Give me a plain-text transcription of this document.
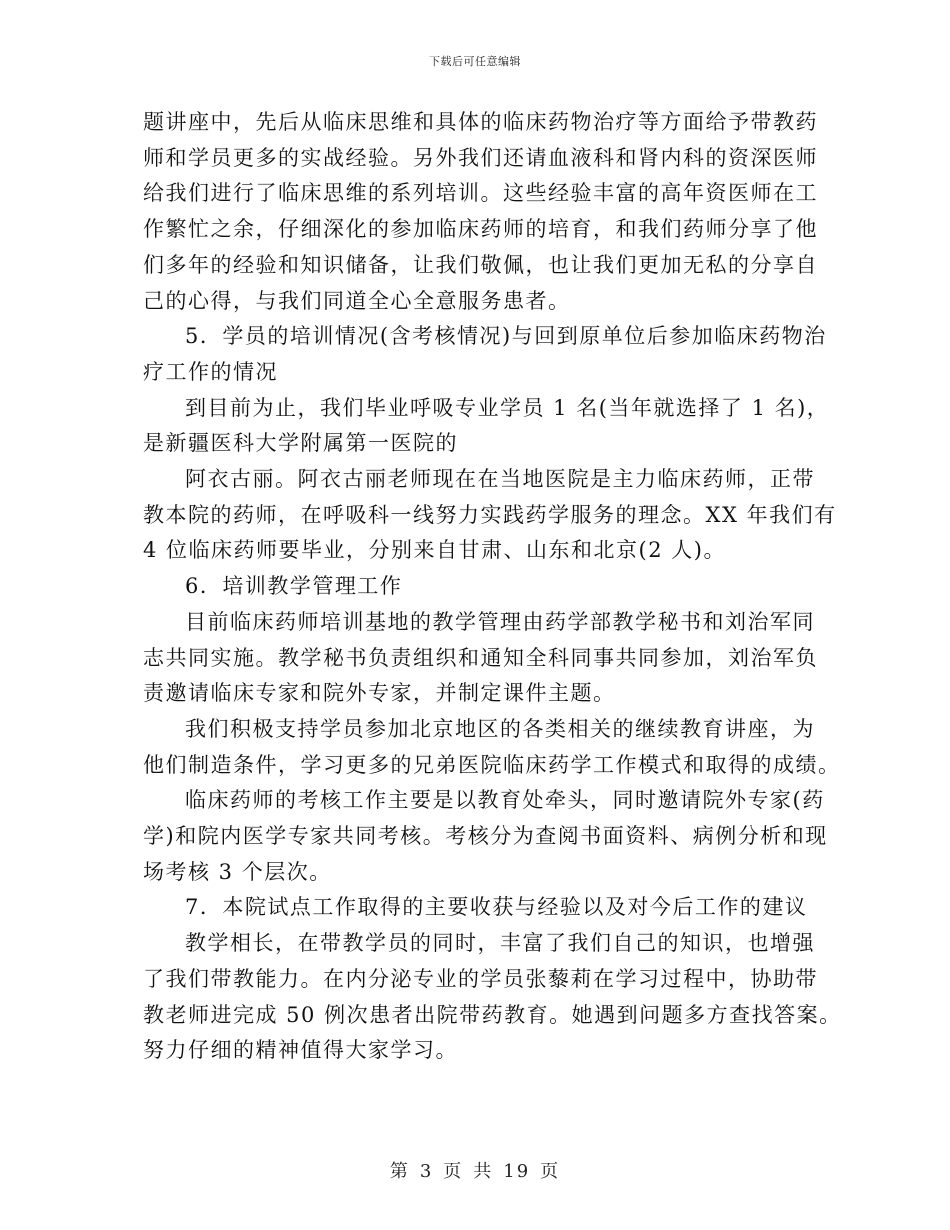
下载后可任意编辑

题讲座中，先后从临床思维和具体的临床药物治疗等方面给予带教药
师和学员更多的实战经验。另外我们还请血液科和肾内科的资深医师
给我们进行了临床思维的系列培训。这些经验丰富的高年资医师在工
作繁忙之余，仔细深化的参加临床药师的培育，和我们药师分享了他
们多年的经验和知识储备，让我们敬佩，也让我们更加无私的分享自
己的心得，与我们同道全心全意服务患者。

5．学员的培训情况(含考核情况)与回到原单位后参加临床药物治
疗工作的情况

到目前为止，我们毕业呼吸专业学员 1 名(当年就选择了 1 名)，
是新疆医科大学附属第一医院的

阿衣古丽。阿衣古丽老师现在在当地医院是主力临床药师，正带
教本院的药师，在呼吸科一线努力实践药学服务的理念。XX 年我们有
4 位临床药师要毕业，分别来自甘肃、山东和北京(2 人)。

6．培训教学管理工作

目前临床药师培训基地的教学管理由药学部教学秘书和刘治军同
志共同实施。教学秘书负责组织和通知全科同事共同参加，刘治军负
责邀请临床专家和院外专家，并制定课件主题。

我们积极支持学员参加北京地区的各类相关的继续教育讲座，为
他们制造条件，学习更多的兄弟医院临床药学工作模式和取得的成绩。

临床药师的考核工作主要是以教育处牵头，同时邀请院外专家(药
学)和院内医学专家共同考核。考核分为查阅书面资料、病例分析和现
场考核 3 个层次。

7．本院试点工作取得的主要收获与经验以及对今后工作的建议

教学相长，在带教学员的同时，丰富了我们自己的知识，也增强
了我们带教能力。在内分泌专业的学员张藜莉在学习过程中，协助带
教老师进完成 50 例次患者出院带药教育。她遇到问题多方查找答案。
努力仔细的精神值得大家学习。

第 3 页 共 19 页
